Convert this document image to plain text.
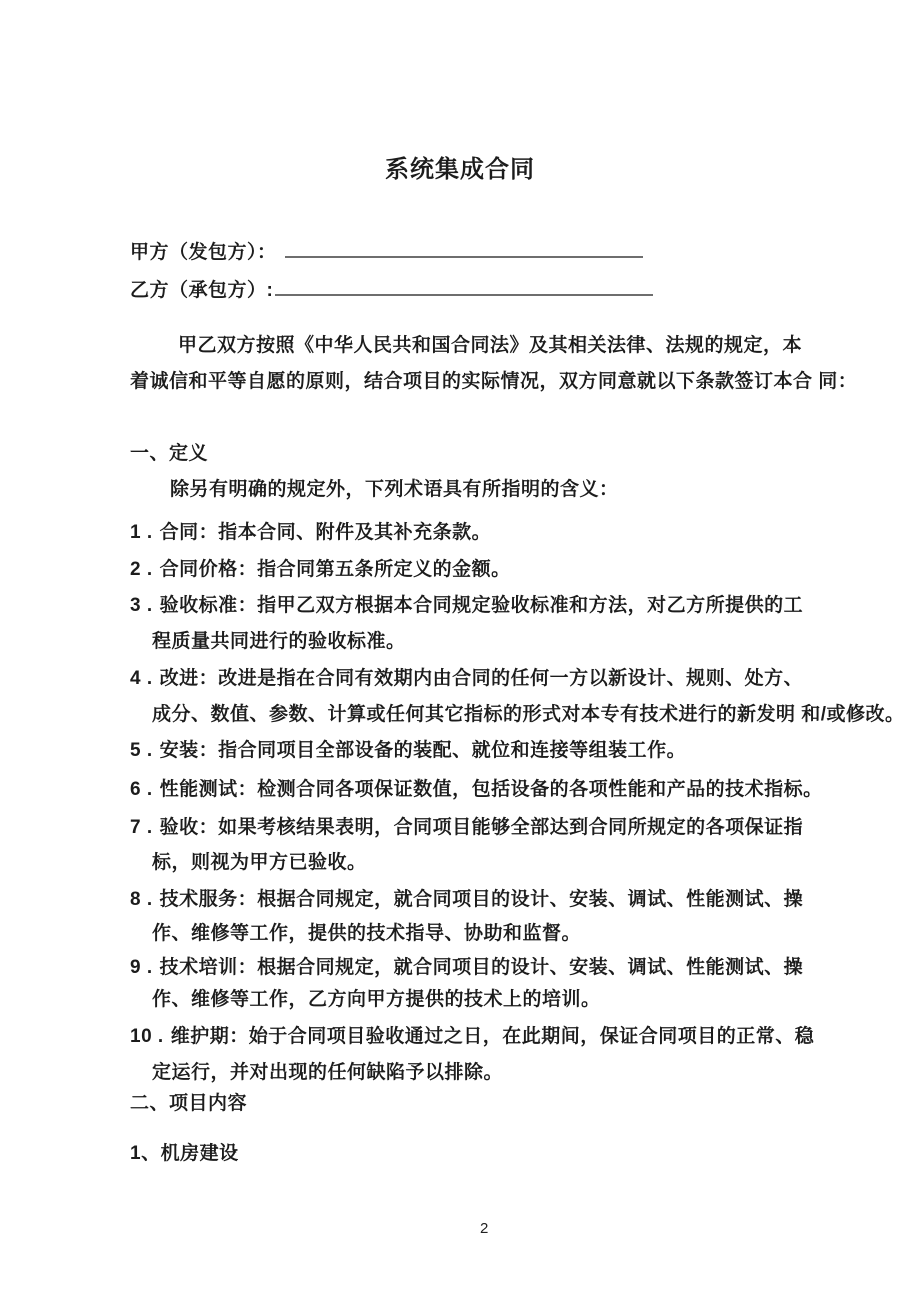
系统集成合同
甲方（发包方）：
乙方（承包方）:
甲乙双方按照《中华人民共和国合同法》及其相关法律、法规的规定，本
着诚信和平等自愿的原则，结合项目的实际情况，双方同意就以下条款签订本合 同：
一、定义
除另有明确的规定外，下列术语具有所指明的含义：
1 . 合同：指本合同、附件及其补充条款。
2 . 合同价格：指合同第五条所定义的金额。
3 . 验收标准：指甲乙双方根据本合同规定验收标准和方法，对乙方所提供的工
程质量共同进行的验收标准。
4 . 改进：改进是指在合同有效期内由合同的任何一方以新设计、规则、处方、
成分、数值、参数、计算或任何其它指标的形式对本专有技术进行的新发明 和/或修改。
5 . 安装：指合同项目全部设备的装配、就位和连接等组装工作。
6 . 性能测试：检测合同各项保证数值，包括设备的各项性能和产品的技术指标。
7 . 验收：如果考核结果表明，合同项目能够全部达到合同所规定的各项保证指
标，则视为甲方已验收。
8 . 技术服务：根据合同规定，就合同项目的设计、安装、调试、性能测试、操
作、维修等工作，提供的技术指导、协助和监督。
9 . 技术培训：根据合同规定，就合同项目的设计、安装、调试、性能测试、操
作、维修等工作，乙方向甲方提供的技术上的培训。
10 . 维护期：始于合同项目验收通过之日，在此期间，保证合同项目的正常、稳
定运行，并对出现的任何缺陷予以排除。
二、项目内容
1、机房建设
2
